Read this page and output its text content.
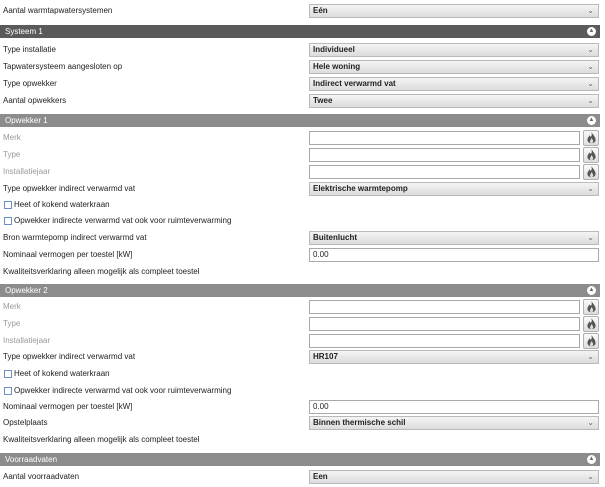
Aantal warmtapwatersystemen	Eén	⌄
Systeem 1	▲
Type installatie	Individueel	⌄
Tapwatersysteem aangesloten op	Hele woning	⌄
Type opwekker	Indirect verwarmd vat	⌄
Aantal opwekkers	Twee	⌄
Opwekker 1	▲
Merk
Type
Installatiejaar
Type opwekker indirect verwarmd vat	Elektrische warmtepomp	⌄
Heet of kokend waterkraan
Opwekker indirecte verwarmd vat ook voor ruimteverwarming
Bron warmtepomp indirect verwarmd vat	Buitenlucht	⌄
Nominaal vermogen per toestel [kW]	0.00
Kwaliteitsverklaring alleen mogelijk als compleet toestel
Opwekker 2	▲
Merk
Type
Installatiejaar
Type opwekker indirect verwarmd vat	HR107	⌄
Heet of kokend waterkraan
Opwekker indirecte verwarmd vat ook voor ruimteverwarming
Nominaal vermogen per toestel [kW]	0.00
Opstelplaats	Binnen thermische schil	⌄
Kwaliteitsverklaring alleen mogelijk als compleet toestel
Voorraadvaten	▲
Aantal voorraadvaten	Een	⌄
